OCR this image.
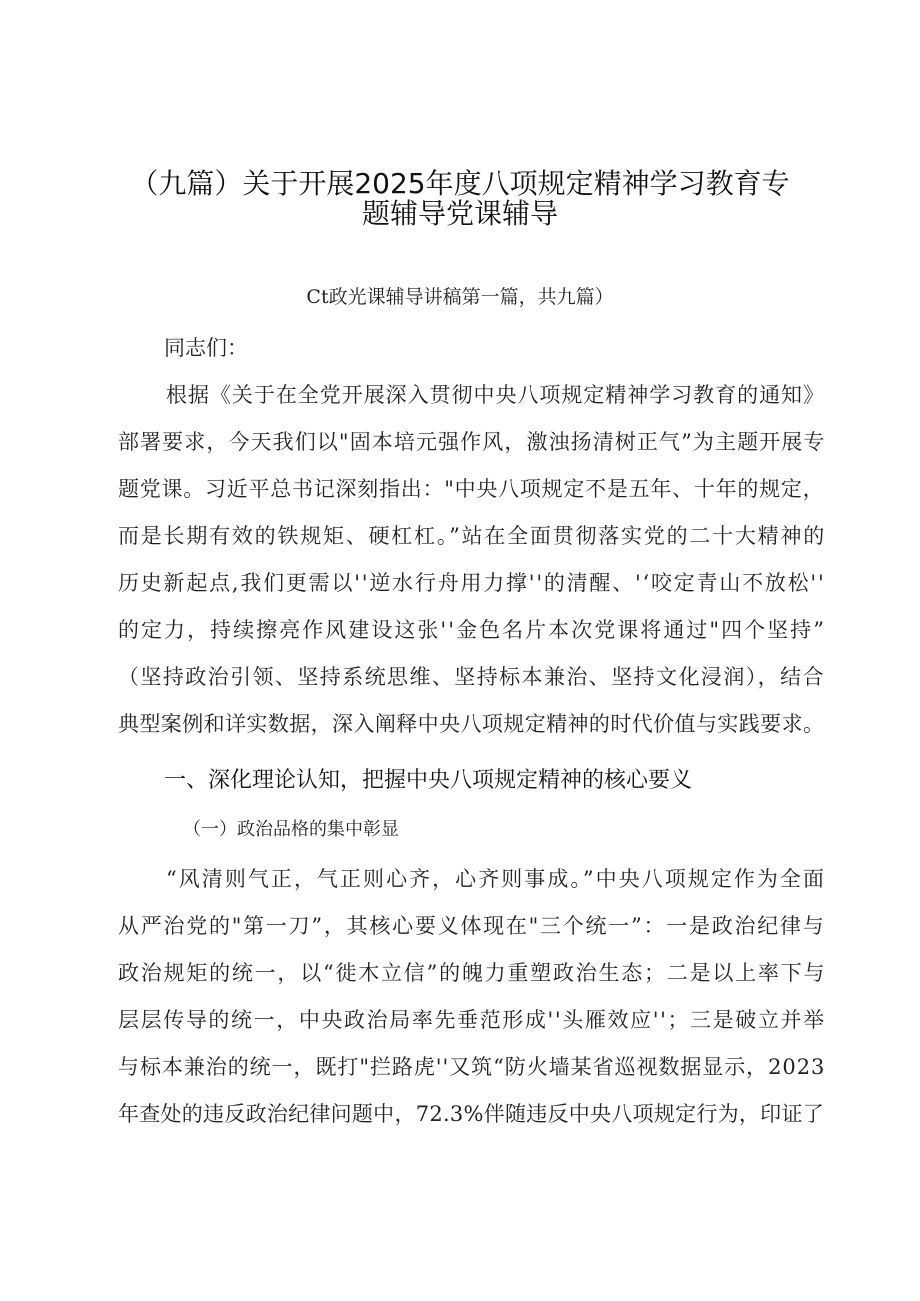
（九篇）关于开展2025年度八项规定精神学习教育专
题辅导党课辅导
Ct政光课辅导讲稿第一篇，共九篇）
同志们：
根据《关于在全党开展深入贯彻中央八项规定精神学习教育的通知》
部署要求，今天我们以"固本培元强作风，激浊扬清树正气”为主题开展专
题党课。习近平总书记深刻指出："中央八项规定不是五年、十年的规定，
而是长期有效的铁规矩、硬杠杠。”站在全面贯彻落实党的二十大精神的
历史新起点,我们更需以''逆水行舟用力撑''的清醒、'‘咬定青山不放松''
的定力，持续擦亮作风建设这张''金色名片本次党课将通过"四个坚持”
（坚持政治引领、坚持系统思维、坚持标本兼治、坚持文化浸润），结合
典型案例和详实数据，深入阐释中央八项规定精神的时代价值与实践要求。
一、深化理论认知，把握中央八项规定精神的核心要义
（一）政治品格的集中彰显
“风清则气正，气正则心齐，心齐则事成。”中央八项规定作为全面
从严治党的"第一刀”，其核心要义体现在"三个统一”：一是政治纪律与
政治规矩的统一，以“徙木立信”的魄力重塑政治生态；二是以上率下与
层层传导的统一，中央政治局率先垂范形成''头雁效应''；三是破立并举
与标本兼治的统一，既打"拦路虎''又筑“防火墙某省巡视数据显示，2023
年查处的违反政治纪律问题中，72.3%伴随违反中央八项规定行为，印证了
